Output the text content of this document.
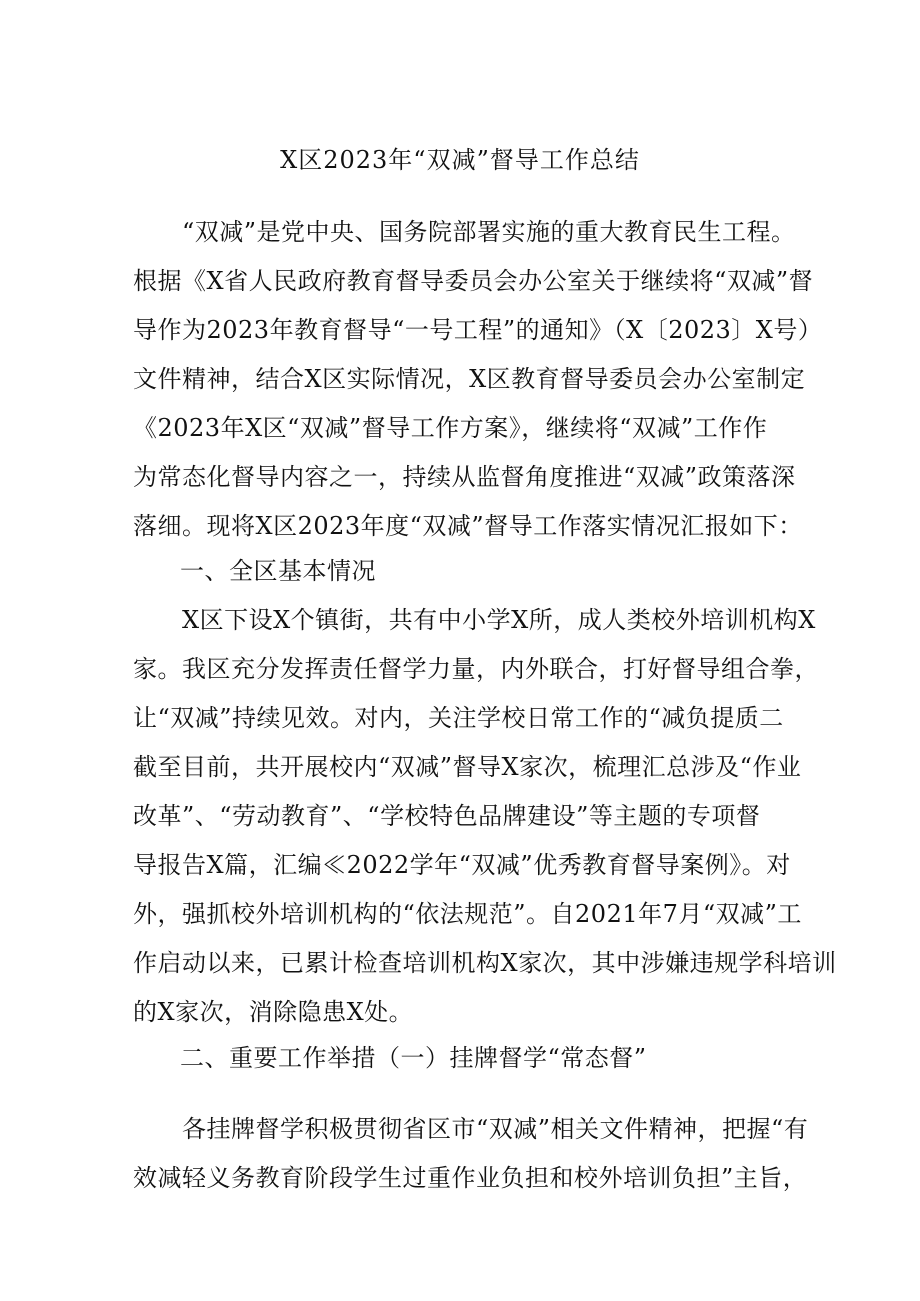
X区2023年“双减”督导工作总结
“双减”是党中央、国务院部署实施的重大教育民生工程。
根据《X省人民政府教育督导委员会办公室关于继续将“双减”督
导作为2023年教育督导“一号工程”的通知》（X〔2023〕X号）
文件精神，结合X区实际情况，X区教育督导委员会办公室制定
《2023年X区“双减”督导工作方案》，继续将“双减”工作作
为常态化督导内容之一，持续从监督角度推进“双减”政策落深
落细。现将X区2023年度“双减”督导工作落实情况汇报如下：
一、全区基本情况
X区下设X个镇街，共有中小学X所，成人类校外培训机构X
家。我区充分发挥责任督学力量，内外联合，打好督导组合拳，
让“双减”持续见效。对内，关注学校日常工作的“减负提质二
截至目前，共开展校内“双减”督导X家次，梳理汇总涉及“作业
改革”、“劳动教育”、“学校特色品牌建设”等主题的专项督
导报告X篇，汇编≪2022学年“双减”优秀教育督导案例》。对
外，强抓校外培训机构的“依法规范”。自2021年7月“双减”工
作启动以来，已累计检查培训机构X家次，其中涉嫌违规学科培训
的X家次，消除隐患X处。
二、重要工作举措（一）挂牌督学“常态督”
各挂牌督学积极贯彻省区市“双减”相关文件精神，把握“有
效减轻义务教育阶段学生过重作业负担和校外培训负担”主旨，
